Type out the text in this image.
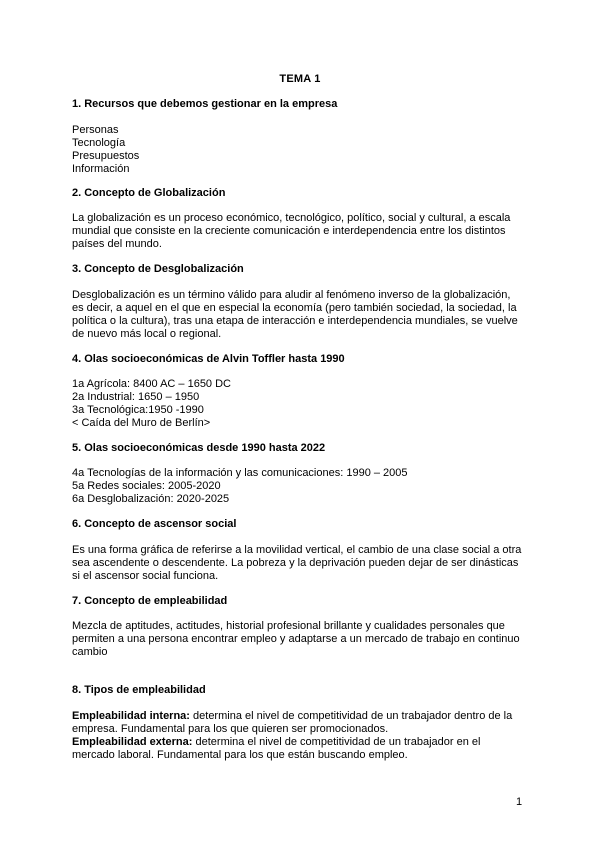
TEMA 1
1. Recursos que debemos gestionar en la empresa
Personas
Tecnología
Presupuestos
Información
2. Concepto de Globalización
La globalización es un proceso económico, tecnológico, político, social y cultural, a escala
mundial que consiste en la creciente comunicación e interdependencia entre los distintos
países del mundo.
3. Concepto de Desglobalización
Desglobalización es un término válido para aludir al fenómeno inverso de la globalización,
es decir, a aquel en el que en especial la economía (pero también sociedad, la sociedad, la
política o la cultura), tras una etapa de interacción e interdependencia mundiales, se vuelve
de nuevo más local o regional.
4. Olas socioeconómicas de Alvin Toffler hasta 1990
1a Agrícola: 8400 AC – 1650 DC
2a Industrial: 1650 – 1950
3a Tecnológica:1950 -1990
< Caída del Muro de Berlín>
5. Olas socioeconómicas desde 1990 hasta 2022
4a Tecnologías de la información y las comunicaciones: 1990 – 2005
5a Redes sociales: 2005-2020
6a Desglobalización: 2020-2025
6. Concepto de ascensor social
Es una forma gráfica de referirse a la movilidad vertical, el cambio de una clase social a otra
sea ascendente o descendente. La pobreza y la deprivación pueden dejar de ser dinásticas
si el ascensor social funciona.
7. Concepto de empleabilidad
Mezcla de aptitudes, actitudes, historial profesional brillante y cualidades personales que
permiten a una persona encontrar empleo y adaptarse a un mercado de trabajo en continuo
cambio
8. Tipos de empleabilidad
Empleabilidad interna: determina el nivel de competitividad de un trabajador dentro de la
empresa. Fundamental para los que quieren ser promocionados.
Empleabilidad externa: determina el nivel de competitividad de un trabajador en el
mercado laboral. Fundamental para los que están buscando empleo.
1
